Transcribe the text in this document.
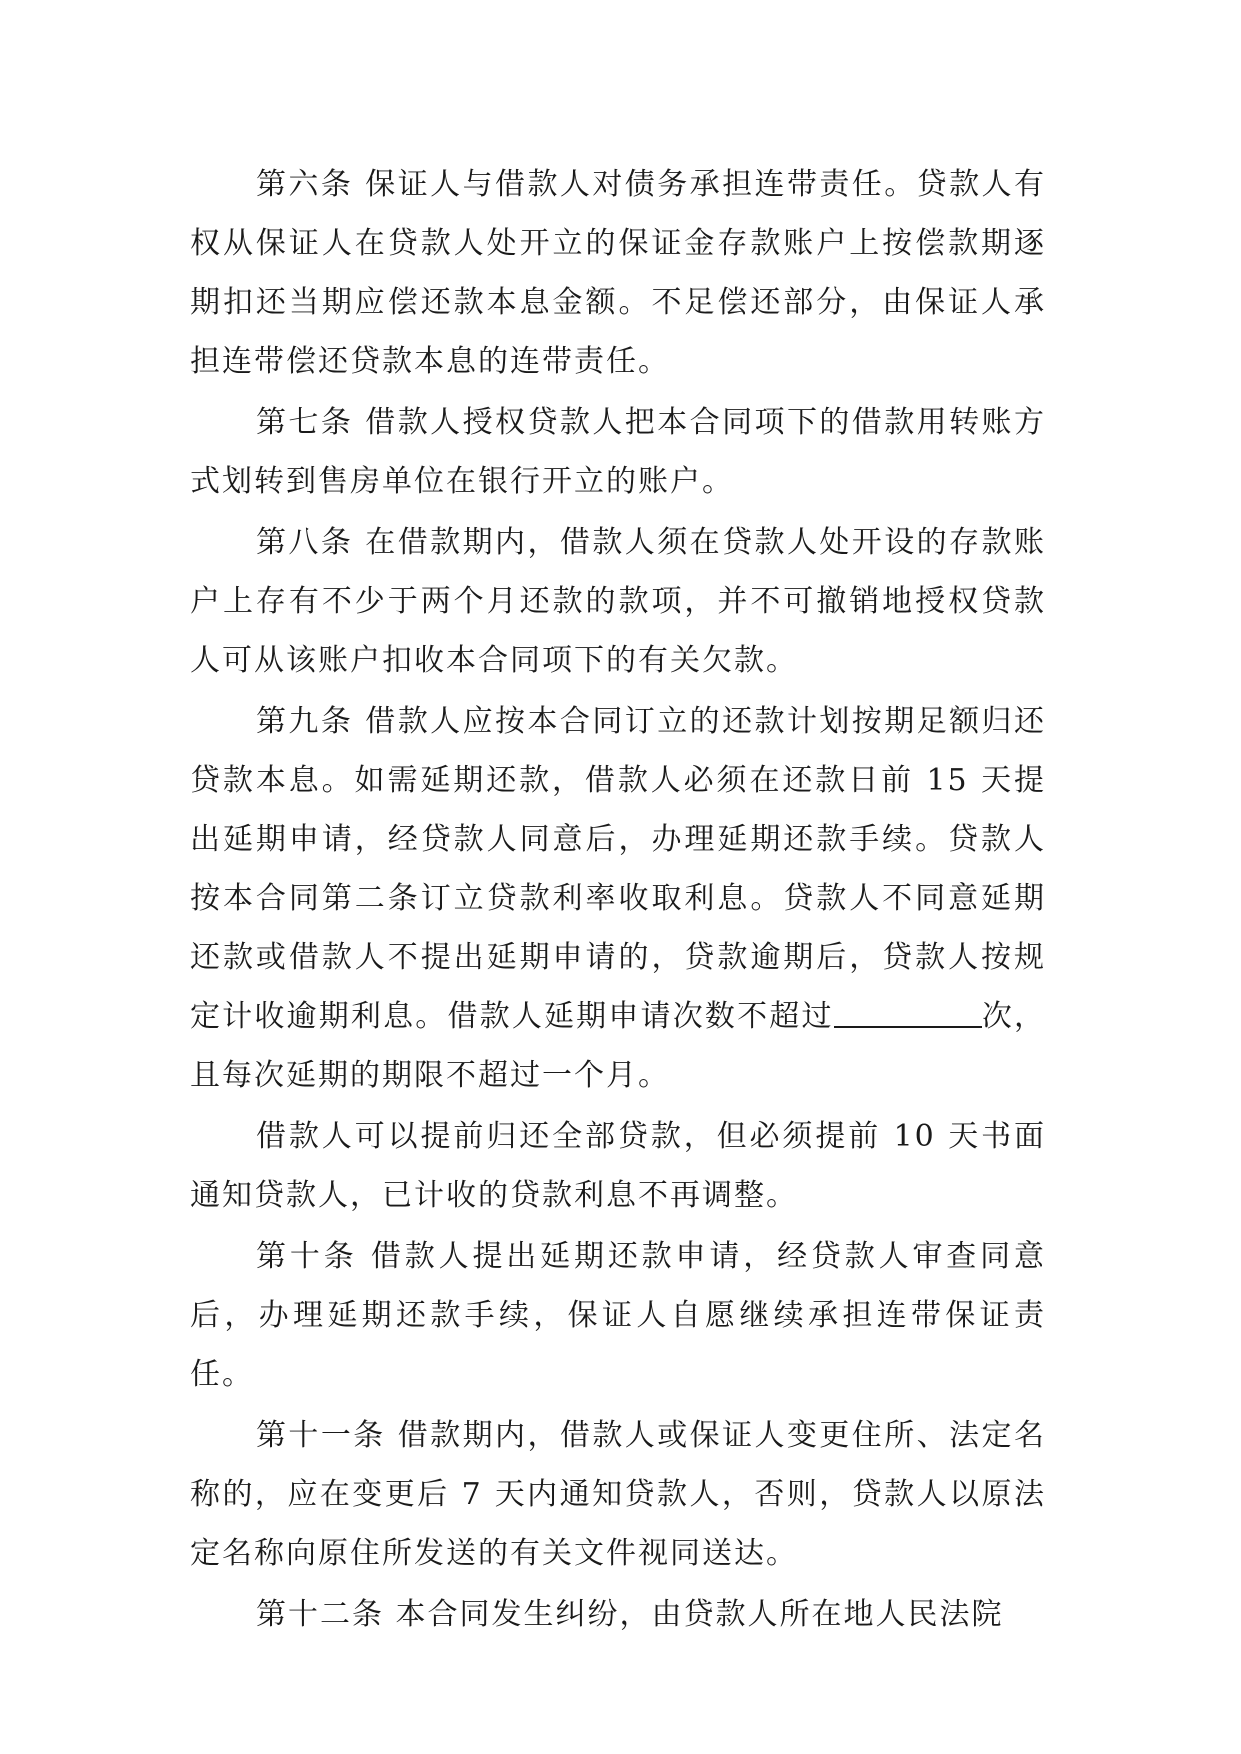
第六条 保证人与借款人对债务承担连带责任。贷款人有权从保证人在贷款人处开立的保证金存款账户上按偿款期逐期扣还当期应偿还款本息金额。不足偿还部分，由保证人承担连带偿还贷款本息的连带责任。

第七条 借款人授权贷款人把本合同项下的借款用转账方式划转到售房单位在银行开立的账户。

第八条 在借款期内，借款人须在贷款人处开设的存款账户上存有不少于两个月还款的款项，并不可撤销地授权贷款人可从该账户扣收本合同项下的有关欠款。

第九条 借款人应按本合同订立的还款计划按期足额归还贷款本息。如需延期还款，借款人必须在还款日前 15 天提出延期申请，经贷款人同意后，办理延期还款手续。贷款人按本合同第二条订立贷款利率收取利息。贷款人不同意延期还款或借款人不提出延期申请的，贷款逾期后，贷款人按规定计收逾期利息。借款人延期申请次数不超过	次，且每次延期的期限不超过一个月。

借款人可以提前归还全部贷款，但必须提前 10 天书面通知贷款人，已计收的贷款利息不再调整。

第十条 借款人提出延期还款申请，经贷款人审查同意后，办理延期还款手续，保证人自愿继续承担连带保证责任。

第十一条 借款期内，借款人或保证人变更住所、法定名称的，应在变更后 7 天内通知贷款人，否则，贷款人以原法定名称向原住所发送的有关文件视同送达。

第十二条 本合同发生纠纷，由贷款人所在地人民法院
